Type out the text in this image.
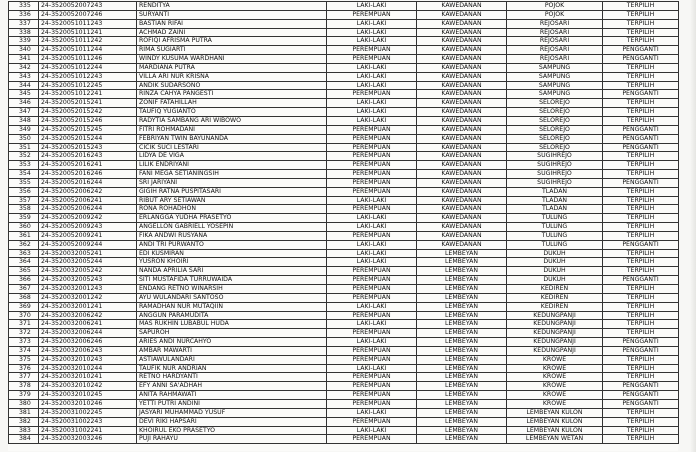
335	24-3520052007243	RENDITYA	LAKI-LAKI	KAWEDANAN	POJOK	TERPILIH
336	24-3520052007246	SURYANTI	PEREMPUAN	KAWEDANAN	POJOK	TERPILIH
337	24-3520051011243	BASTIAN RIFAI	LAKI-LAKI	KAWEDANAN	REJOSARI	TERPILIH
338	24-3520051011241	ACHMAD ZAINI	LAKI-LAKI	KAWEDANAN	REJOSARI	TERPILIH
339	24-3520051011242	ROFIQI AFRISMA PUTRA	LAKI-LAKI	KAWEDANAN	REJOSARI	TERPILIH
340	24-3520051011244	RIMA SUGIARTI	PEREMPUAN	KAWEDANAN	REJOSARI	PENGGANTI
341	24-3520051011246	WINDY KUSUMA WARDHANI	PEREMPUAN	KAWEDANAN	REJOSARI	PENGGANTI
342	24-3520051012244	MARDIANA PUTRA	LAKI-LAKI	KAWEDANAN	SAMPUNG	TERPILIH
343	24-3520051012243	VILLA ARI NUR KRISNA	LAKI-LAKI	KAWEDANAN	SAMPUNG	TERPILIH
344	24-3520051012245	ANDIK SUDARSONO	LAKI-LAKI	KAWEDANAN	SAMPUNG	TERPILIH
345	24-3520051012241	RINZA CAHYA PANGESTI	PEREMPUAN	KAWEDANAN	SAMPUNG	PENGGANTI
346	24-3520052015241	ZONIF FATAHILLAH	LAKI-LAKI	KAWEDANAN	SELOREJO	TERPILIH
347	24-3520052015242	TAUFIQ YUGIANTO	LAKI-LAKI	KAWEDANAN	SELOREJO	TERPILIH
348	24-3520052015246	RADYTIA SAMBANG ARI WIBOWO	LAKI-LAKI	KAWEDANAN	SELOREJO	TERPILIH
349	24-3520052015245	FITRI ROHMADANI	PEREMPUAN	KAWEDANAN	SELOREJO	PENGGANTI
350	24-3520052015244	FEBRIYAN TWIN BAYUNANDA	PEREMPUAN	KAWEDANAN	SELOREJO	PENGGANTI
351	24-3520052015243	CICIK SUCI LESTARI	PEREMPUAN	KAWEDANAN	SELOREJO	PENGGANTI
352	24-3520052016243	LIDYA DE VIGA	PEREMPUAN	KAWEDANAN	SUGIHREJO	TERPILIH
353	24-3520052016241	LILIK ENDRIYANI	PEREMPUAN	KAWEDANAN	SUGIHREJO	TERPILIH
354	24-3520052016246	FANI MEGA SETIANINGSIH	PEREMPUAN	KAWEDANAN	SUGIHREJO	TERPILIH
355	24-3520052016244	SRI JARIYANI	PEREMPUAN	KAWEDANAN	SUGIHREJO	PENGGANTI
356	24-3520052006242	GIGIH RATNA PUSPITASARI	PEREMPUAN	KAWEDANAN	TLADAN	TERPILIH
357	24-3520052006241	RIBUT ARY SETIAWAN	LAKI-LAKI	KAWEDANAN	TLADAN	TERPILIH
358	24-3520052006244	RONA ROHADHON	PEREMPUAN	KAWEDANAN	TLADAN	TERPILIH
359	24-3520052009242	ERLANGGA YUDHA PRASETYO	LAKI-LAKI	KAWEDANAN	TULUNG	TERPILIH
360	24-3520052009243	ANGELLON GABRIELL YOSEPIN	LAKI-LAKI	KAWEDANAN	TULUNG	TERPILIH
361	24-3520052009241	FIKA ANDWI RUSYANA	PEREMPUAN	KAWEDANAN	TULUNG	TERPILIH
362	24-3520052009244	ANDI TRI PURWANTO	LAKI-LAKI	KAWEDANAN	TULUNG	PENGGANTI
363	24-3520032005241	EDI KUSMIRAN	LAKI-LAKI	LEMBEYAN	DUKUH	TERPILIH
364	24-3520032005244	YUSRON KHOIRI	LAKI-LAKI	LEMBEYAN	DUKUH	TERPILIH
365	24-3520032005242	NANDA APRILIA SARI	PEREMPUAN	LEMBEYAN	DUKUH	TERPILIH
366	24-3520032005243	SITI MUSTAFIDA TURRUWAIDA	PEREMPUAN	LEMBEYAN	DUKUH	PENGGANTI
367	24-3520032001243	ENDANG RETNO WINARSIH	PEREMPUAN	LEMBEYAN	KEDIREN	TERPILIH
368	24-3520032001242	AYU WULANDARI SANTOSO	PEREMPUAN	LEMBEYAN	KEDIREN	TERPILIH
369	24-3520032001241	RAMADHAN NUR MUTAQIIN	LAKI-LAKI	LEMBEYAN	KEDIREN	TERPILIH
370	24-3520032006242	ANGGUN PARAMUDITA	PEREMPUAN	LEMBEYAN	KEDUNGPANJI	TERPILIH
371	24-3520032006241	MAS RUKHIN LUBABUL HUDA	LAKI-LAKI	LEMBEYAN	KEDUNGPANJI	TERPILIH
372	24-3520032006244	SAPUROH	PEREMPUAN	LEMBEYAN	KEDUNGPANJI	TERPILIH
373	24-3520032006246	ARIES ANDI NURCAHYO	LAKI-LAKI	LEMBEYAN	KEDUNGPANJI	PENGGANTI
374	24-3520032006243	AMBAR MAWARTI	PEREMPUAN	LEMBEYAN	KEDUNGPANJI	PENGGANTI
375	24-3520032010243	ASTIAWULANDARI	PEREMPUAN	LEMBEYAN	KROWE	TERPILIH
376	24-3520032010244	TAUFIK NUR ANDRIAN	LAKI-LAKI	LEMBEYAN	KROWE	TERPILIH
377	24-3520032010241	RETNO HARDYANTI	PEREMPUAN	LEMBEYAN	KROWE	TERPILIH
378	24-3520032010242	EFY ANNI SA'ADHAH	PEREMPUAN	LEMBEYAN	KROWE	PENGGANTI
379	24-3520032010245	ANITA RAHMAWATI	PEREMPUAN	LEMBEYAN	KROWE	PENGGANTI
380	24-3520032010246	YETTI PUTRI ANDINI	PEREMPUAN	LEMBEYAN	KROWE	PENGGANTI
381	24-3520031002245	JASYARI MUHAMMAD YUSUF	LAKI-LAKI	LEMBEYAN	LEMBEYAN KULON	TERPILIH
382	24-3520031002243	DEVI RIKI HAPSARI	PEREMPUAN	LEMBEYAN	LEMBEYAN KULON	TERPILIH
383	24-3520031002241	KHOIRUL EKO PRASETYO	LAKI-LAKI	LEMBEYAN	LEMBEYAN KULON	TERPILIH
384	24-3520032003246	PUJI RAHAYU	PEREMPUAN	LEMBEYAN	LEMBEYAN WETAN	TERPILIH
